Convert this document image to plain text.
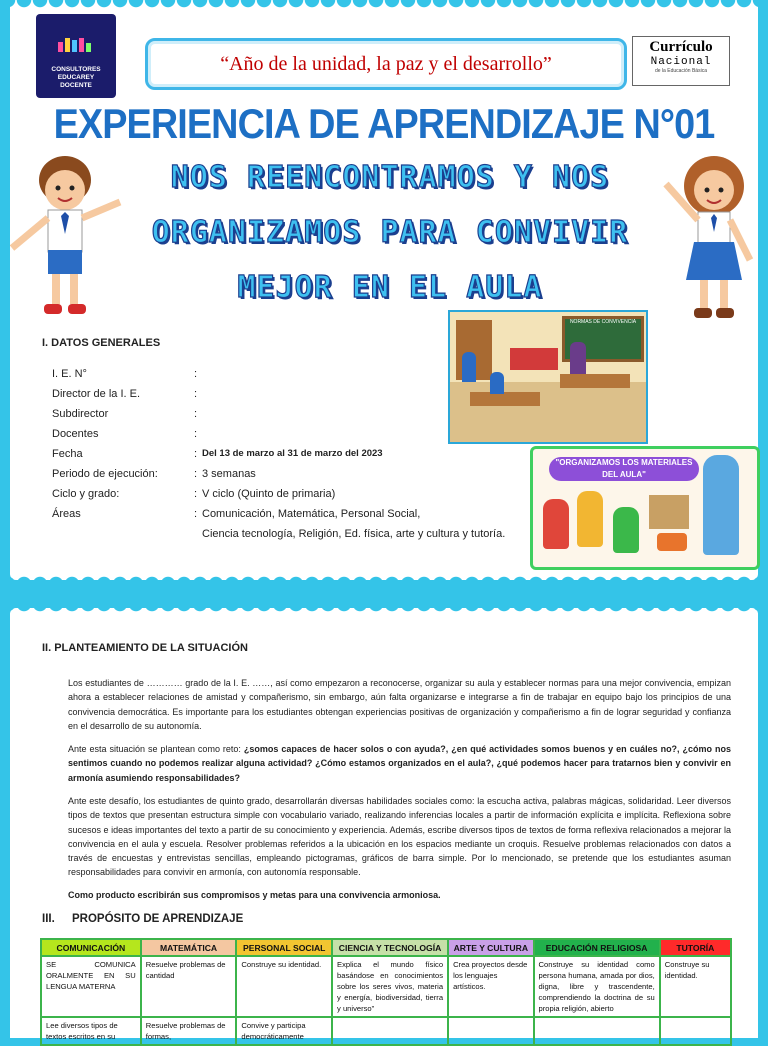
CONSULTORES
EDUCAREY
DOCENTE
“Año de la unidad, la paz y el desarrollo”
Currículo
Nacional
de la Educación Básica
EXPERIENCIA DE APRENDIZAJE N°01
NOS REENCONTRAMOS Y NOS
ORGANIZAMOS PARA CONVIVIR
MEJOR EN EL AULA
I. DATOS GENERALES
I. E. N°	:
Director de la I. E.	:
Subdirector	:
Docentes	:
Fecha	: Del 13 de marzo al 31 de marzo del 2023
Periodo de ejecución:	: 3 semanas
Ciclo y grado:	: V ciclo (Quinto de primaria)
Áreas	: Comunicación, Matemática, Personal Social,
Ciencia tecnología, Religión, Ed. física, arte y cultura y tutoría.
NORMAS DE CONVIVENCIA
"ORGANIZAMOS LOS MATERIALES DEL AULA"
II. PLANTEAMIENTO DE LA SITUACIÓN
Los estudiantes de ………… grado de la I. E. ……, así como empezaron a reconocerse, organizar su aula y establecer normas para una mejor convivencia, empizan ahora a establecer relaciones de amistad y compañerismo, sin embargo, aún falta organizarse e integrarse a fin de trabajar en equipo bajo los principios de una convivencia democrática. Es importante para los estudiantes obtengan experiencias positivas de organización y compañerismo a fin de lograr seguridad y confianza en el desarrollo de su autonomía.
Ante esta situación se plantean como reto: ¿somos capaces de hacer solos o con ayuda?, ¿en qué actividades somos buenos y en cuáles no?, ¿cómo nos sentimos cuando no podemos realizar alguna actividad? ¿Cómo estamos organizados en el aula?, ¿qué podemos hacer para tratarnos bien y convivir en armonía asumiendo responsabilidades?
Ante este desafío, los estudiantes de quinto grado, desarrollarán diversas habilidades sociales como: la escucha activa, palabras mágicas, solidaridad. Leer diversos tipos de textos que presentan estructura simple con vocabulario variado, realizando inferencias locales a partir de información explícita e implícita. Reflexiona sobre sucesos e ideas importantes del texto a partir de su conocimiento y experiencia. Además, escribe diversos tipos de textos de forma reflexiva relacionados a mejorar la convivencia en el aula y escuela. Resolver problemas referidos a la ubicación en los espacios mediante un croquis. Resuelve problemas relacionados con datos a través de encuestas y entrevistas sencillas, empleando pictogramas, gráficos de barra simple. Por lo mencionado, se pretende que los estudiantes asuman responsabilidades para convivir en armonía, con autonomía responsable.
Como producto escribirán sus compromisos y metas para una convivencia armoniosa.
III. PROPÓSITO DE APRENDIZAJE
COMUNICACIÓN	MATEMÁTICA	PERSONAL SOCIAL	CIENCIA Y TECNOLOGÍA	ARTE Y CULTURA	EDUCACIÓN RELIGIOSA	TUTORÍA
SE COMUNICA ORALMENTE EN SU LENGUA MATERNA	Resuelve problemas de cantidad	Construye su identidad.	Explica el mundo físico basándose en conocimientos sobre los seres vivos, materia y energía, biodiversidad, tierra y universo”	Crea proyectos desde los lenguajes artísticos.	Construye su identidad como persona humana, amada por dios, digna, libre y trascendente, comprendiendo la doctrina de su propia religión, abierto	Construye su identidad.
Lee diversos tipos de textos escritos en su	Resuelve problemas de formas,	Convive y participa democráticamente				
